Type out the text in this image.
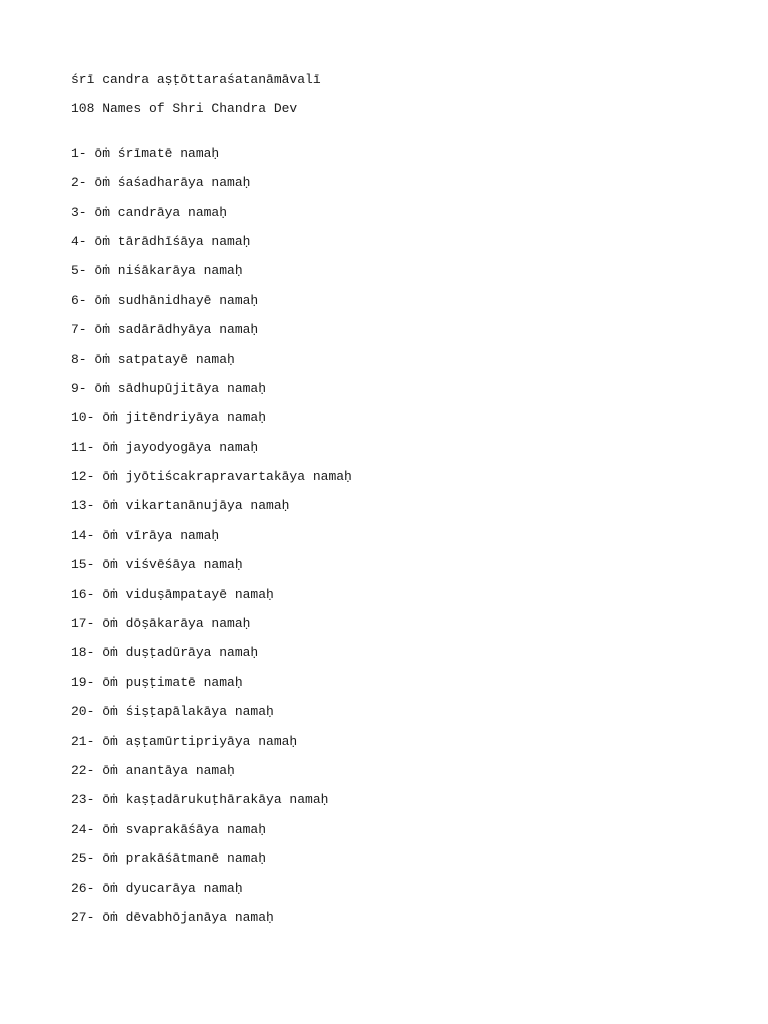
śrī candra aṣṭōttaraśatanāmāvalī
108 Names of Shri Chandra Dev
1- ōṁ śrīmatē namaḥ
2- ōṁ śaśadharāya namaḥ
3- ōṁ candrāya namaḥ
4- ōṁ tārādhīśāya namaḥ
5- ōṁ niśākarāya namaḥ
6- ōṁ sudhānidhayē namaḥ
7- ōṁ sadārādhyāya namaḥ
8- ōṁ satpatayē namaḥ
9- ōṁ sādhupūjitāya namaḥ
10- ōṁ jitēndriyāya namaḥ
11- ōṁ jayodyogāya namaḥ
12- ōṁ jyōtiścakrapravartakāya namaḥ
13- ōṁ vikartanānujāya namaḥ
14- ōṁ vīrāya namaḥ
15- ōṁ viśvēśāya namaḥ
16- ōṁ viduṣāmpatayē namaḥ
17- ōṁ dōṣākarāya namaḥ
18- ōṁ duṣṭadūrāya namaḥ
19- ōṁ puṣṭimatē namaḥ
20- ōṁ śiṣṭapālakāya namaḥ
21- ōṁ aṣṭamūrtipriyāya namaḥ
22- ōṁ anantāya namaḥ
23- ōṁ kaṣṭadārukuṭhārakāya namaḥ
24- ōṁ svaprakāśāya namaḥ
25- ōṁ prakāśātmanē namaḥ
26- ōṁ dyucarāya namaḥ
27- ōṁ dēvabhōjanāya namaḥ
